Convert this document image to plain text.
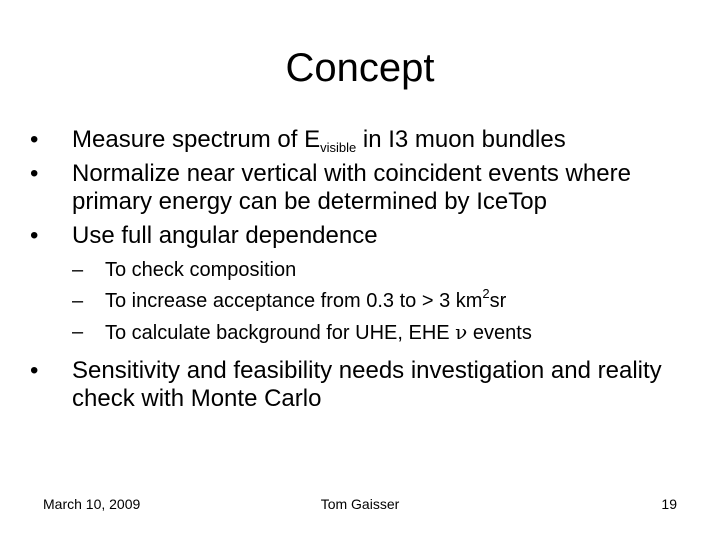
Concept
•	Measure spectrum of $E_{visible}$ in I3 muon bundles
•	Normalize near vertical with coincident events where primary energy can be determined by IceTop
•	Use full angular dependence
– To check composition
– To increase acceptance from 0.3 to > 3 $km^2sr$
– To calculate background for UHE, EHE ν events
•	Sensitivity and feasibility needs investigation and reality check with Monte Carlo
March 10, 2009	Tom Gaisser	19
